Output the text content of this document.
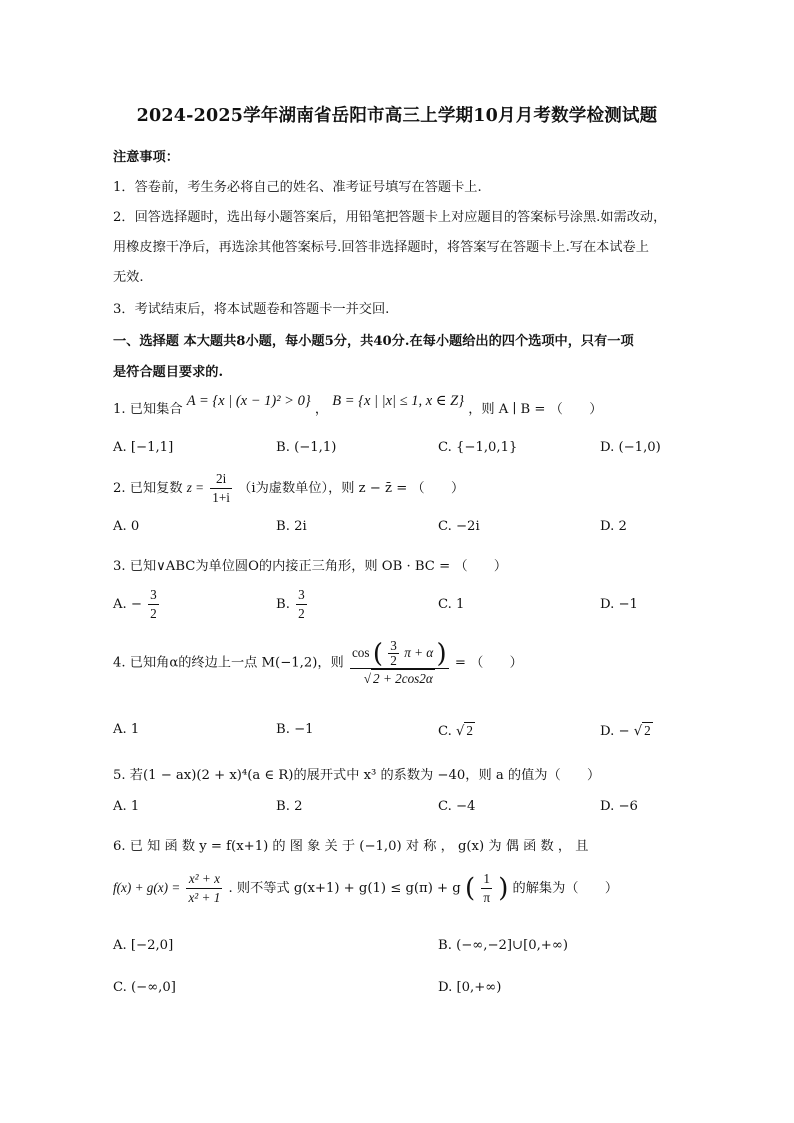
2024-2025学年湖南省岳阳市高三上学期10月月考数学检测试题
注意事项：
1．答卷前，考生务必将自己的姓名、准考证号填写在答题卡上.
2．回答选择题时，选出每小题答案后，用铅笔把答题卡上对应题目的答案标号涂黑.如需改动，
用橡皮擦干净后，再选涂其他答案标号.回答非选择题时，将答案写在答题卡上.写在本试卷上
无效.
3．考试结束后，将本试题卷和答题卡一并交回.
一、选择题 本大题共8小题，每小题5分，共40分.在每小题给出的四个选项中，只有一项
是符合题目要求的.
1. 已知集合 A = {x | (x − 1)² > 0} ， B = {x | |x| ≤ 1, x ∈ Z} ，则 A ∣ B = （　　）
A. [−1,1]	B. (−1,1)	C. {−1,0,1}	D. (−1,0)
2. 已知复数 $z = \frac{2i}{1+i} (i$为虚数单位），则 z − z̄ = （　　）
A. 0	B. 2i	C. −2i	D. 2
3. 已知∨ABC为单位圆O的内接正三角形，则 OB · BC = （　　）
A. − $\frac{3}{2}$	B. $\frac{3}{2}$	C. 1	D. −1
4. 已知角α的终边上一点 M(−1,2)，则
cos ( $\frac{3}{2}$ π + α )
√ 2 + 2cos2α
= （　　）
A. 1	B. −1	C. √ 2	D. − √ 2
5. 若(1 − ax)(2 + x)⁴(a ∈ R)的展开式中 x³ 的系数为 −40，则 a 的值为（　　）
A. 1	B. 2	C. −4	D. −6
6. 已 知 函 数 y = f(x+1) 的 图 象 关 于 (−1,0) 对 称 ， g(x) 为 偶 函 数 ， 且
$f(x) + g(x) = \frac{\text{x² + x}}{\text{x² + 1}}$ . 则不等式 g(x+1) + g(1) ≤ g(π) + g ( $\frac{1}{\pi}$ ) 的解集为（　　）
A. [−2,0]	B. (−∞,−2]∪[0,+∞)
C. (−∞,0]	D. [0,+∞)
